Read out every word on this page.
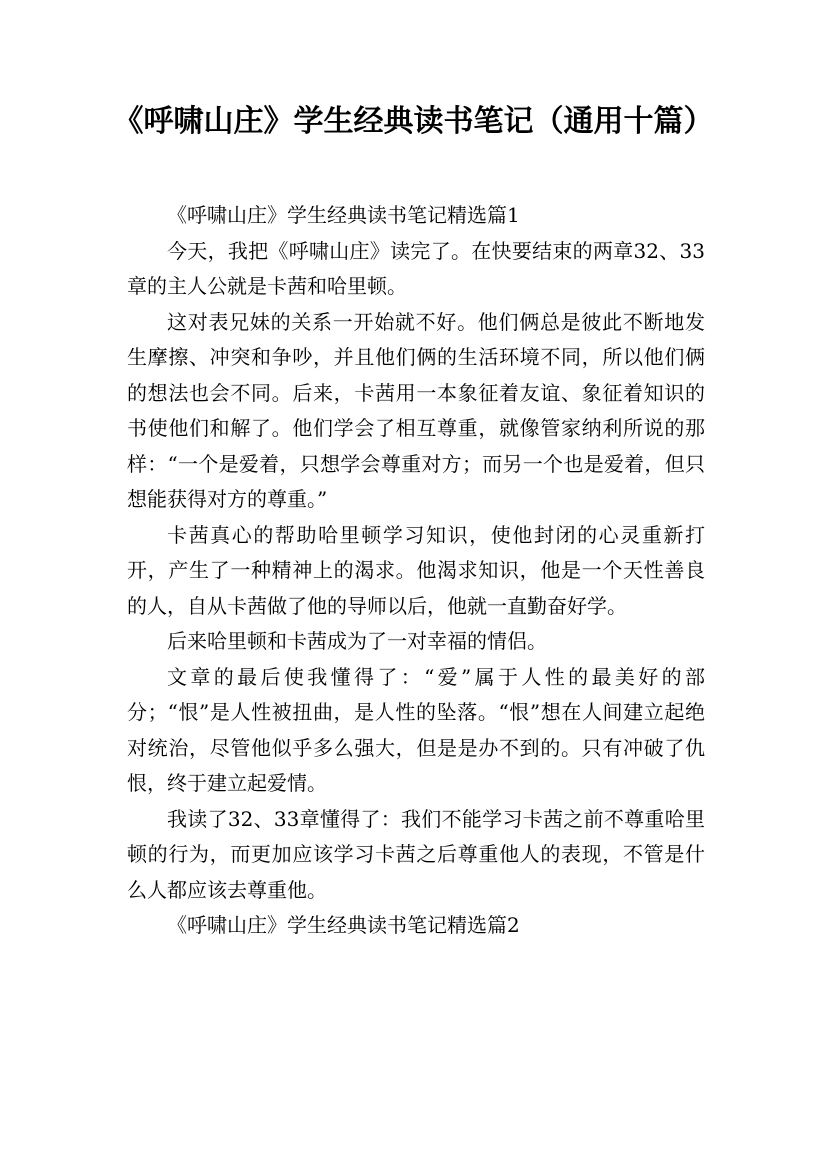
《呼啸山庄》学生经典读书笔记（通用十篇）

《呼啸山庄》学生经典读书笔记精选篇1

今天，我把《呼啸山庄》读完了。在快要结束的两章32、33章的主人公就是卡茜和哈里顿。

这对表兄妹的关系一开始就不好。他们俩总是彼此不断地发生摩擦、冲突和争吵，并且他们俩的生活环境不同，所以他们俩的想法也会不同。后来，卡茜用一本象征着友谊、象征着知识的书使他们和解了。他们学会了相互尊重，就像管家纳利所说的那样：“一个是爱着，只想学会尊重对方；而另一个也是爱着，但只想能获得对方的尊重。”

卡茜真心的帮助哈里顿学习知识，使他封闭的心灵重新打开，产生了一种精神上的渴求。他渴求知识，他是一个天性善良的人，自从卡茜做了他的导师以后，他就一直勤奋好学。

后来哈里顿和卡茜成为了一对幸福的情侣。

文章的最后使我懂得了：“爱”属于人性的最美好的部分；“恨”是人性被扭曲，是人性的坠落。“恨”想在人间建立起绝对统治，尽管他似乎多么强大，但是是办不到的。只有冲破了仇恨，终于建立起爱情。

我读了32、33章懂得了：我们不能学习卡茜之前不尊重哈里顿的行为，而更加应该学习卡茜之后尊重他人的表现，不管是什么人都应该去尊重他。

《呼啸山庄》学生经典读书笔记精选篇2
